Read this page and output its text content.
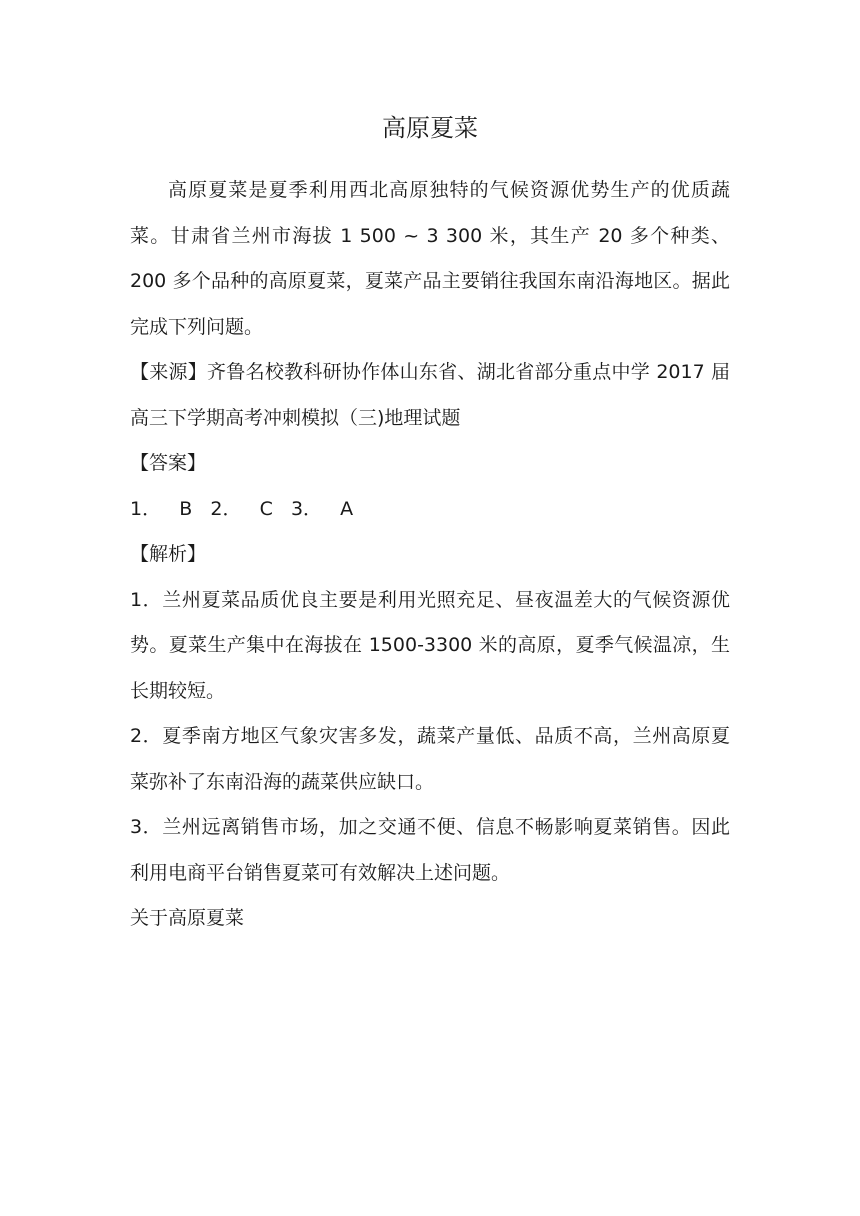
高原夏菜

高原夏菜是夏季利用西北高原独特的气候资源优势生产的优质蔬菜。甘肃省兰州市海拔 1 500 ~ 3 300 米，其生产 20 多个种类、200 多个品种的高原夏菜，夏菜产品主要销往我国东南沿海地区。据此完成下列问题。

【来源】齐鲁名校教科研协作体山东省、湖北省部分重点中学 2017 届高三下学期高考冲刺模拟（三)地理试题

【答案】

1．   B   2．   C   3．   A

【解析】

1．兰州夏菜品质优良主要是利用光照充足、昼夜温差大的气候资源优势。夏菜生产集中在海拔在 1500-3300 米的高原，夏季气候温凉，生长期较短。

2．夏季南方地区气象灾害多发，蔬菜产量低、品质不高，兰州高原夏菜弥补了东南沿海的蔬菜供应缺口。

3．兰州远离销售市场，加之交通不便、信息不畅影响夏菜销售。因此利用电商平台销售夏菜可有效解决上述问题。

关于高原夏菜
